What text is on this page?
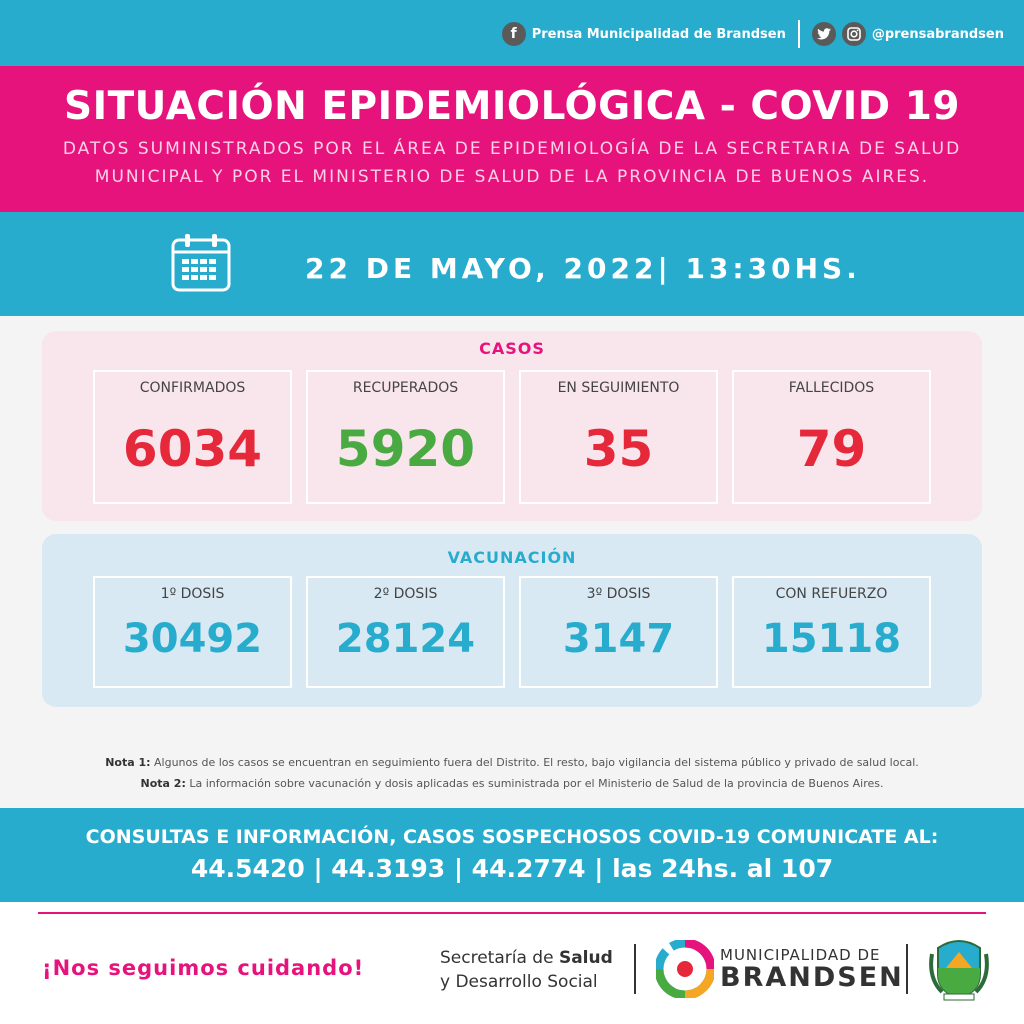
f	Prensa Municipalidad de Brandsen	@prensabrandsen
SITUACIÓN EPIDEMIOLÓGICA - COVID 19
DATOS SUMINISTRADOS POR EL ÁREA DE EPIDEMIOLOGÍA DE LA SECRETARIA DE SALUD MUNICIPAL Y POR EL MINISTERIO DE SALUD DE LA PROVINCIA DE BUENOS AIRES.
22 DE MAYO, 2022| 13:30HS.
CASOS
CONFIRMADOS
6034
RECUPERADOS
5920
EN SEGUIMIENTO
35
FALLECIDOS
79
VACUNACIÓN
1º DOSIS
30492
2º DOSIS
28124
3º DOSIS
3147
CON REFUERZO
15118
Nota 1: Algunos de los casos se encuentran en seguimiento fuera del Distrito. El resto, bajo vigilancia del sistema público y privado de salud local.
Nota 2: La información sobre vacunación y dosis aplicadas es suministrada por el Ministerio de Salud de la provincia de Buenos Aires.
CONSULTAS E INFORMACIÓN, CASOS SOSPECHOSOS COVID-19 COMUNICATE AL:
44.5420 | 44.3193 | 44.2774 | las 24hs. al 107
¡Nos seguimos cuidando!	Secretaría de Salud
y Desarrollo Social
MUNICIPALIDAD DE
BRANDSEN
